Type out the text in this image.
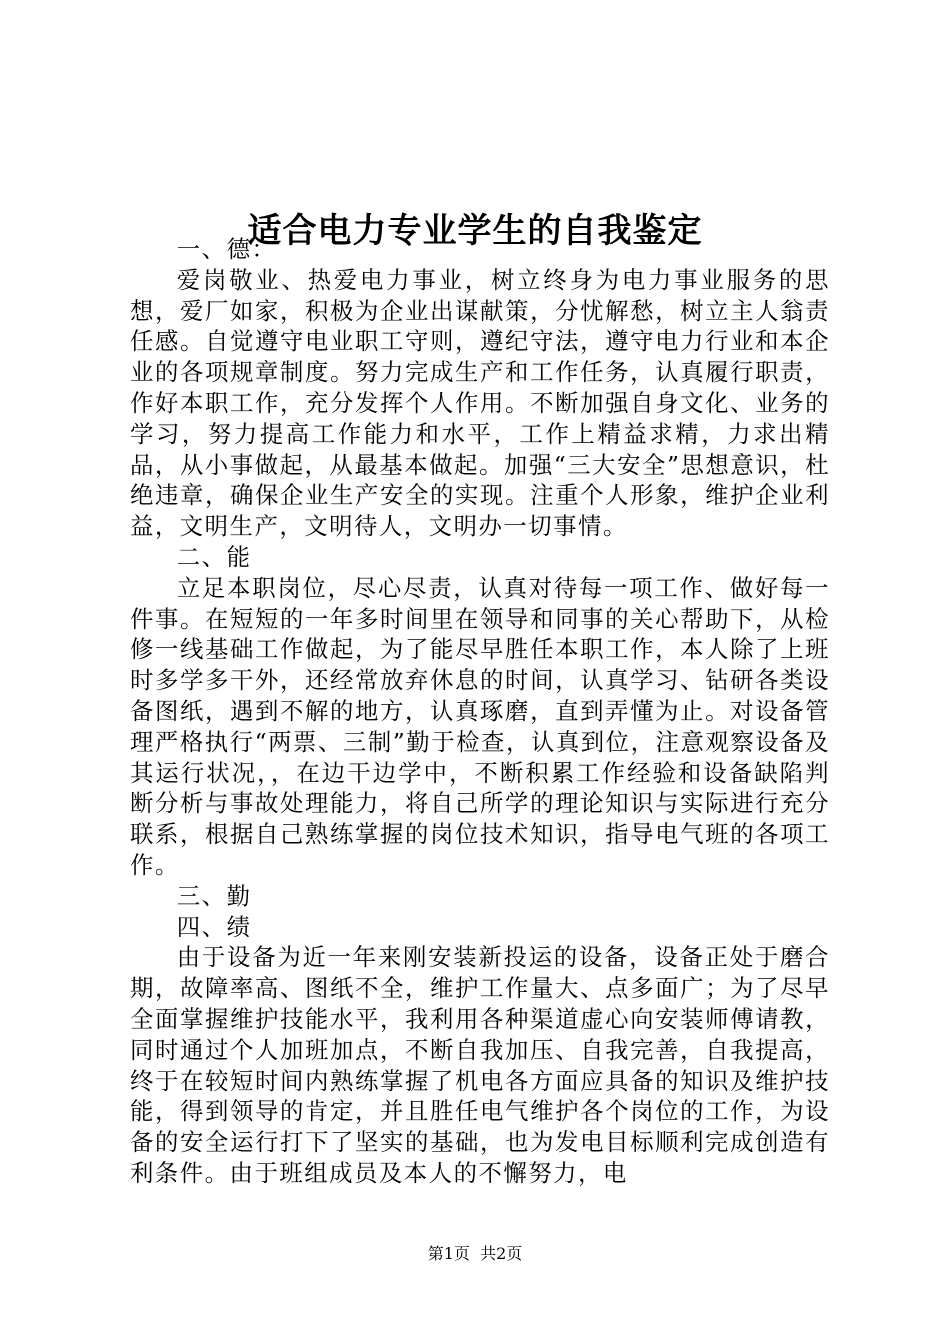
适合电力专业学生的自我鉴定

一、德：

爱岗敬业、热爱电力事业，树立终身为电力事业服务的思想，爱厂如家，积极为企业出谋献策，分忧解愁，树立主人翁责任感。自觉遵守电业职工守则，遵纪守法，遵守电力行业和本企业的各项规章制度。努力完成生产和工作任务，认真履行职责，作好本职工作，充分发挥个人作用。不断加强自身文化、业务的学习，努力提高工作能力和水平，工作上精益求精，力求出精品，从小事做起，从最基本做起。加强“三大安全”思想意识，杜绝违章，确保企业生产安全的实现。注重个人形象，维护企业利益，文明生产，文明待人，文明办一切事情。

二、能

立足本职岗位，尽心尽责，认真对待每一项工作、做好每一件事。在短短的一年多时间里在领导和同事的关心帮助下，从检修一线基础工作做起，为了能尽早胜任本职工作，本人除了上班时多学多干外，还经常放弃休息的时间，认真学习、钻研各类设备图纸，遇到不解的地方，认真琢磨，直到弄懂为止。对设备管理严格执行“两票、三制”勤于检查，认真到位，注意观察设备及其运行状况，，在边干边学中，不断积累工作经验和设备缺陷判断分析与事故处理能力，将自己所学的理论知识与实际进行充分联系，根据自己熟练掌握的岗位技术知识，指导电气班的各项工作。

三、勤

四、绩

由于设备为近一年来刚安装新投运的设备，设备正处于磨合期，故障率高、图纸不全，维护工作量大、点多面广；为了尽早全面掌握维护技能水平，我利用各种渠道虚心向安装师傅请教，同时通过个人加班加点，不断自我加压、自我完善，自我提高，终于在较短时间内熟练掌握了机电各方面应具备的知识及维护技能，得到领导的肯定，并且胜任电气维护各个岗位的工作，为设备的安全运行打下了坚实的基础，也为发电目标顺利完成创造有利条件。由于班组成员及本人的不懈努力，电

第1页  共2页
